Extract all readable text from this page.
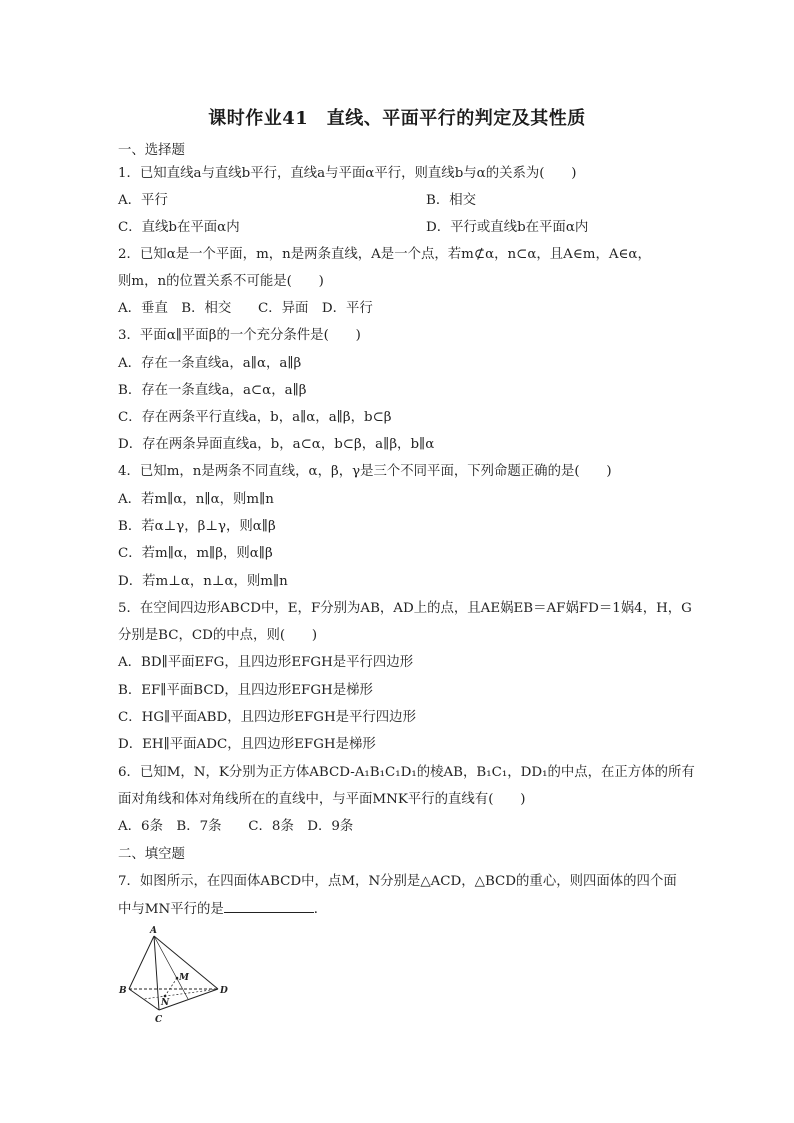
课时作业41　直线、平面平行的判定及其性质
一、选择题
1．已知直线a与直线b平行，直线a与平面α平行，则直线b与α的关系为(　　)
A．平行	B．相交
C．直线b在平面α内	D．平行或直线b在平面α内
2．已知α是一个平面，m，n是两条直线，A是一个点，若m⊄α，n⊂α，且A∈m，A∈α，
则m，n的位置关系不可能是(　　)
A．垂直　B．相交　　C．异面　D．平行
3．平面α∥平面β的一个充分条件是(　　)
A．存在一条直线a，a∥α，a∥β
B．存在一条直线a，a⊂α，a∥β
C．存在两条平行直线a，b，a∥α，a∥β，b⊂β
D．存在两条异面直线a，b，a⊂α，b⊂β，a∥β，b∥α
4．已知m，n是两条不同直线，α，β，γ是三个不同平面，下列命题正确的是(　　)
A．若m∥α，n∥α，则m∥n
B．若α⊥γ，β⊥γ，则α∥β
C．若m∥α，m∥β，则α∥β
D．若m⊥α，n⊥α，则m∥n
5．在空间四边形ABCD中，E，F分别为AB，AD上的点，且AE娲EB＝AF娲FD＝1娲4，H，G
分别是BC，CD的中点，则(　　)
A．BD∥平面EFG，且四边形EFGH是平行四边形
B．EF∥平面BCD，且四边形EFGH是梯形
C．HG∥平面ABD，且四边形EFGH是平行四边形
D．EH∥平面ADC，且四边形EFGH是梯形
6．已知M，N，K分别为正方体ABCD-A₁B₁C₁D₁的棱AB，B₁C₁，DD₁的中点，在正方体的所有
面对角线和体对角线所在的直线中，与平面MNK平行的直线有(　　)
A．6条　B．7条　　C．8条　D．9条
二、填空题
7．如图所示，在四面体ABCD中，点M，N分别是△ACD，△BCD的重心，则四面体的四个面
中与MN平行的是	．
A
B
C
D
M
N
